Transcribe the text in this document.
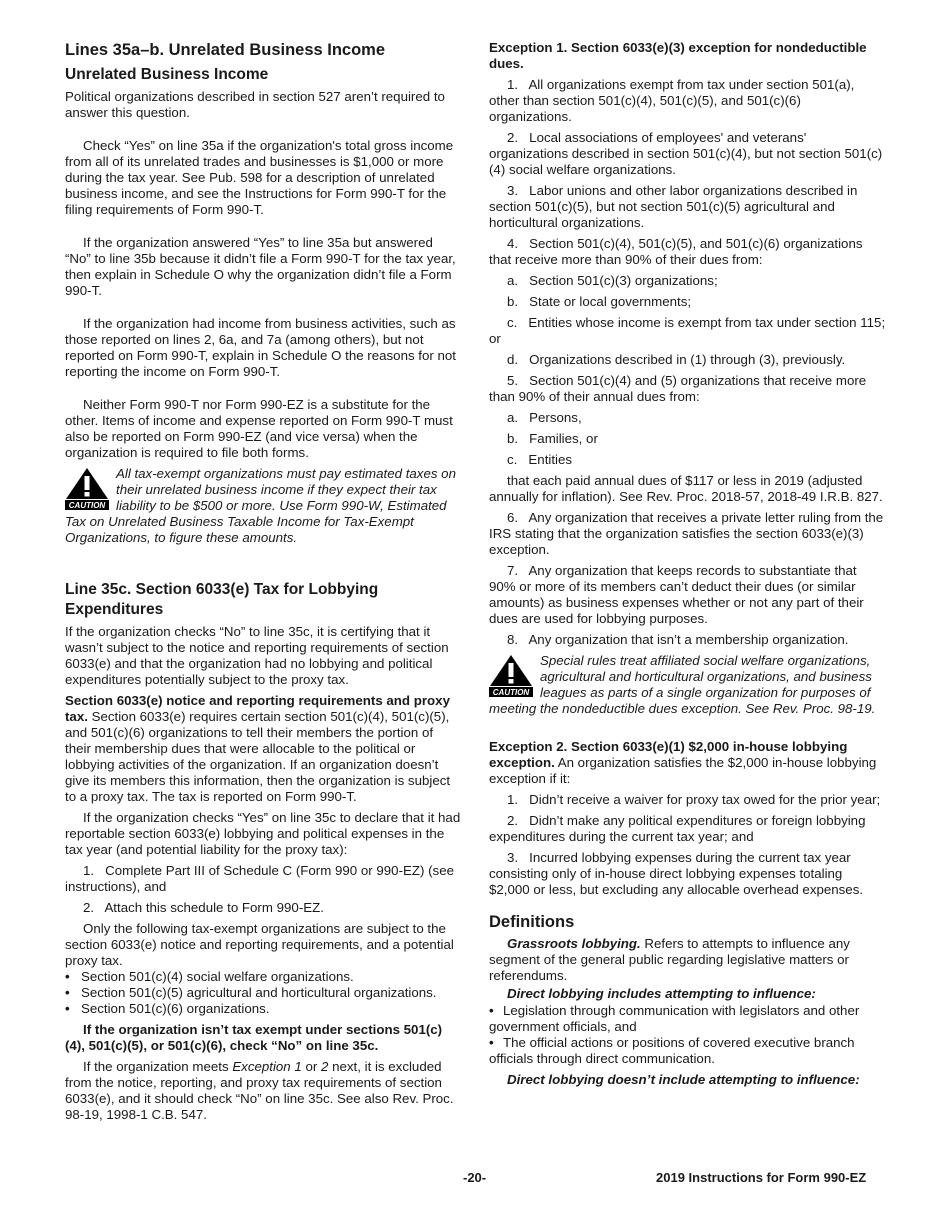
Lines 35a–b. Unrelated Business Income
Unrelated Business Income

Political organizations described in section 527 aren’t required to answer this question.

Check “Yes” on line 35a if the organization's total gross income from all of its unrelated trades and businesses is $1,000 or more during the tax year. See Pub. 598 for a description of unrelated business income, and see the Instructions for Form 990-T for the filing requirements of Form 990-T.

If the organization answered “Yes” to line 35a but answered “No” to line 35b because it didn’t file a Form 990-T for the tax year, then explain in Schedule O why the organization didn’t file a Form 990-T.

If the organization had income from business activities, such as those reported on lines 2, 6a, and 7a (among others), but not reported on Form 990-T, explain in Schedule O the reasons for not reporting the income on Form 990-T.

Neither Form 990-T nor Form 990-EZ is a substitute for the other. Items of income and expense reported on Form 990-T must also be reported on Form 990-EZ (and vice versa) when the organization is required to file both forms.

CAUTION
All tax-exempt organizations must pay estimated taxes on their unrelated business income if they expect their tax liability to be $500 or more. Use Form 990-W, Estimated Tax on Unrelated Business Taxable Income for Tax-Exempt Organizations, to figure these amounts.
Line 35c. Section 6033(e) Tax for Lobbying Expenditures

If the organization checks “No” to line 35c, it is certifying that it wasn’t subject to the notice and reporting requirements of section 6033(e) and that the organization had no lobbying and political expenditures potentially subject to the proxy tax.

Section 6033(e) notice and reporting requirements and proxy tax. Section 6033(e) requires certain section 501(c)(4), 501(c)(5), and 501(c)(6) organizations to tell their members the portion of their membership dues that were allocable to the political or lobbying activities of the organization. If an organization doesn’t give its members this information, then the organization is subject to a proxy tax. The tax is reported on Form 990-T.

If the organization checks “Yes” on line 35c to declare that it had reportable section 6033(e) lobbying and political expenses in the tax year (and potential liability for the proxy tax):

1.   Complete Part III of Schedule C (Form 990 or 990-EZ) (see instructions), and

2.   Attach this schedule to Form 990-EZ.

Only the following tax-exempt organizations are subject to the section 6033(e) notice and reporting requirements, and a potential proxy tax.

• Section 501(c)(4) social welfare organizations.
• Section 501(c)(5) agricultural and horticultural organizations.
• Section 501(c)(6) organizations.

If the organization isn’t tax exempt under sections 501(c)(4), 501(c)(5), or 501(c)(6), check “No” on line 35c.

If the organization meets Exception 1 or 2 next, it is excluded from the notice, reporting, and proxy tax requirements of section 6033(e), and it should check “No” on line 35c. See also Rev. Proc. 98-19, 1998-1 C.B. 547.

Exception 1. Section 6033(e)(3) exception for nondeductible dues.

1.   All organizations exempt from tax under section 501(a), other than section 501(c)(4), 501(c)(5), and 501(c)(6) organizations.

2.   Local associations of employees' and veterans' organizations described in section 501(c)(4), but not section 501(c)(4) social welfare organizations.

3.   Labor unions and other labor organizations described in section 501(c)(5), but not section 501(c)(5) agricultural and horticultural organizations.

4.   Section 501(c)(4), 501(c)(5), and 501(c)(6) organizations that receive more than 90% of their dues from:

a.   Section 501(c)(3) organizations;

b.   State or local governments;

c.   Entities whose income is exempt from tax under section 115; or

d.   Organizations described in (1) through (3), previously.

5.   Section 501(c)(4) and (5) organizations that receive more than 90% of their annual dues from:

a.   Persons,

b.   Families, or

c.   Entities

that each paid annual dues of $117 or less in 2019 (adjusted annually for inflation). See Rev. Proc. 2018-57, 2018-49 I.R.B. 827.

6.   Any organization that receives a private letter ruling from the IRS stating that the organization satisfies the section 6033(e)(3) exception.

7.   Any organization that keeps records to substantiate that 90% or more of its members can’t deduct their dues (or similar amounts) as business expenses whether or not any part of their dues are used for lobbying purposes.

8.   Any organization that isn’t a membership organization.

CAUTION
Special rules treat affiliated social welfare organizations, agricultural and horticultural organizations, and business leagues as parts of a single organization for purposes of meeting the nondeductible dues exception. See Rev. Proc. 98-19.

Exception 2. Section 6033(e)(1) $2,000 in-house lobbying exception. An organization satisfies the $2,000 in-house lobbying exception if it:

1.   Didn’t receive a waiver for proxy tax owed for the prior year;

2.   Didn’t make any political expenditures or foreign lobbying expenditures during the current tax year; and

3.   Incurred lobbying expenses during the current tax year consisting only of in-house direct lobbying expenses totaling $2,000 or less, but excluding any allocable overhead expenses.

Definitions

Grassroots lobbying. Refers to attempts to influence any segment of the general public regarding legislative matters or referendums.

Direct lobbying includes attempting to influence:

• Legislation through communication with legislators and other government officials, and
• The official actions or positions of covered executive branch officials through direct communication.

Direct lobbying doesn’t include attempting to influence:

-20-	2019 Instructions for Form 990-EZ
